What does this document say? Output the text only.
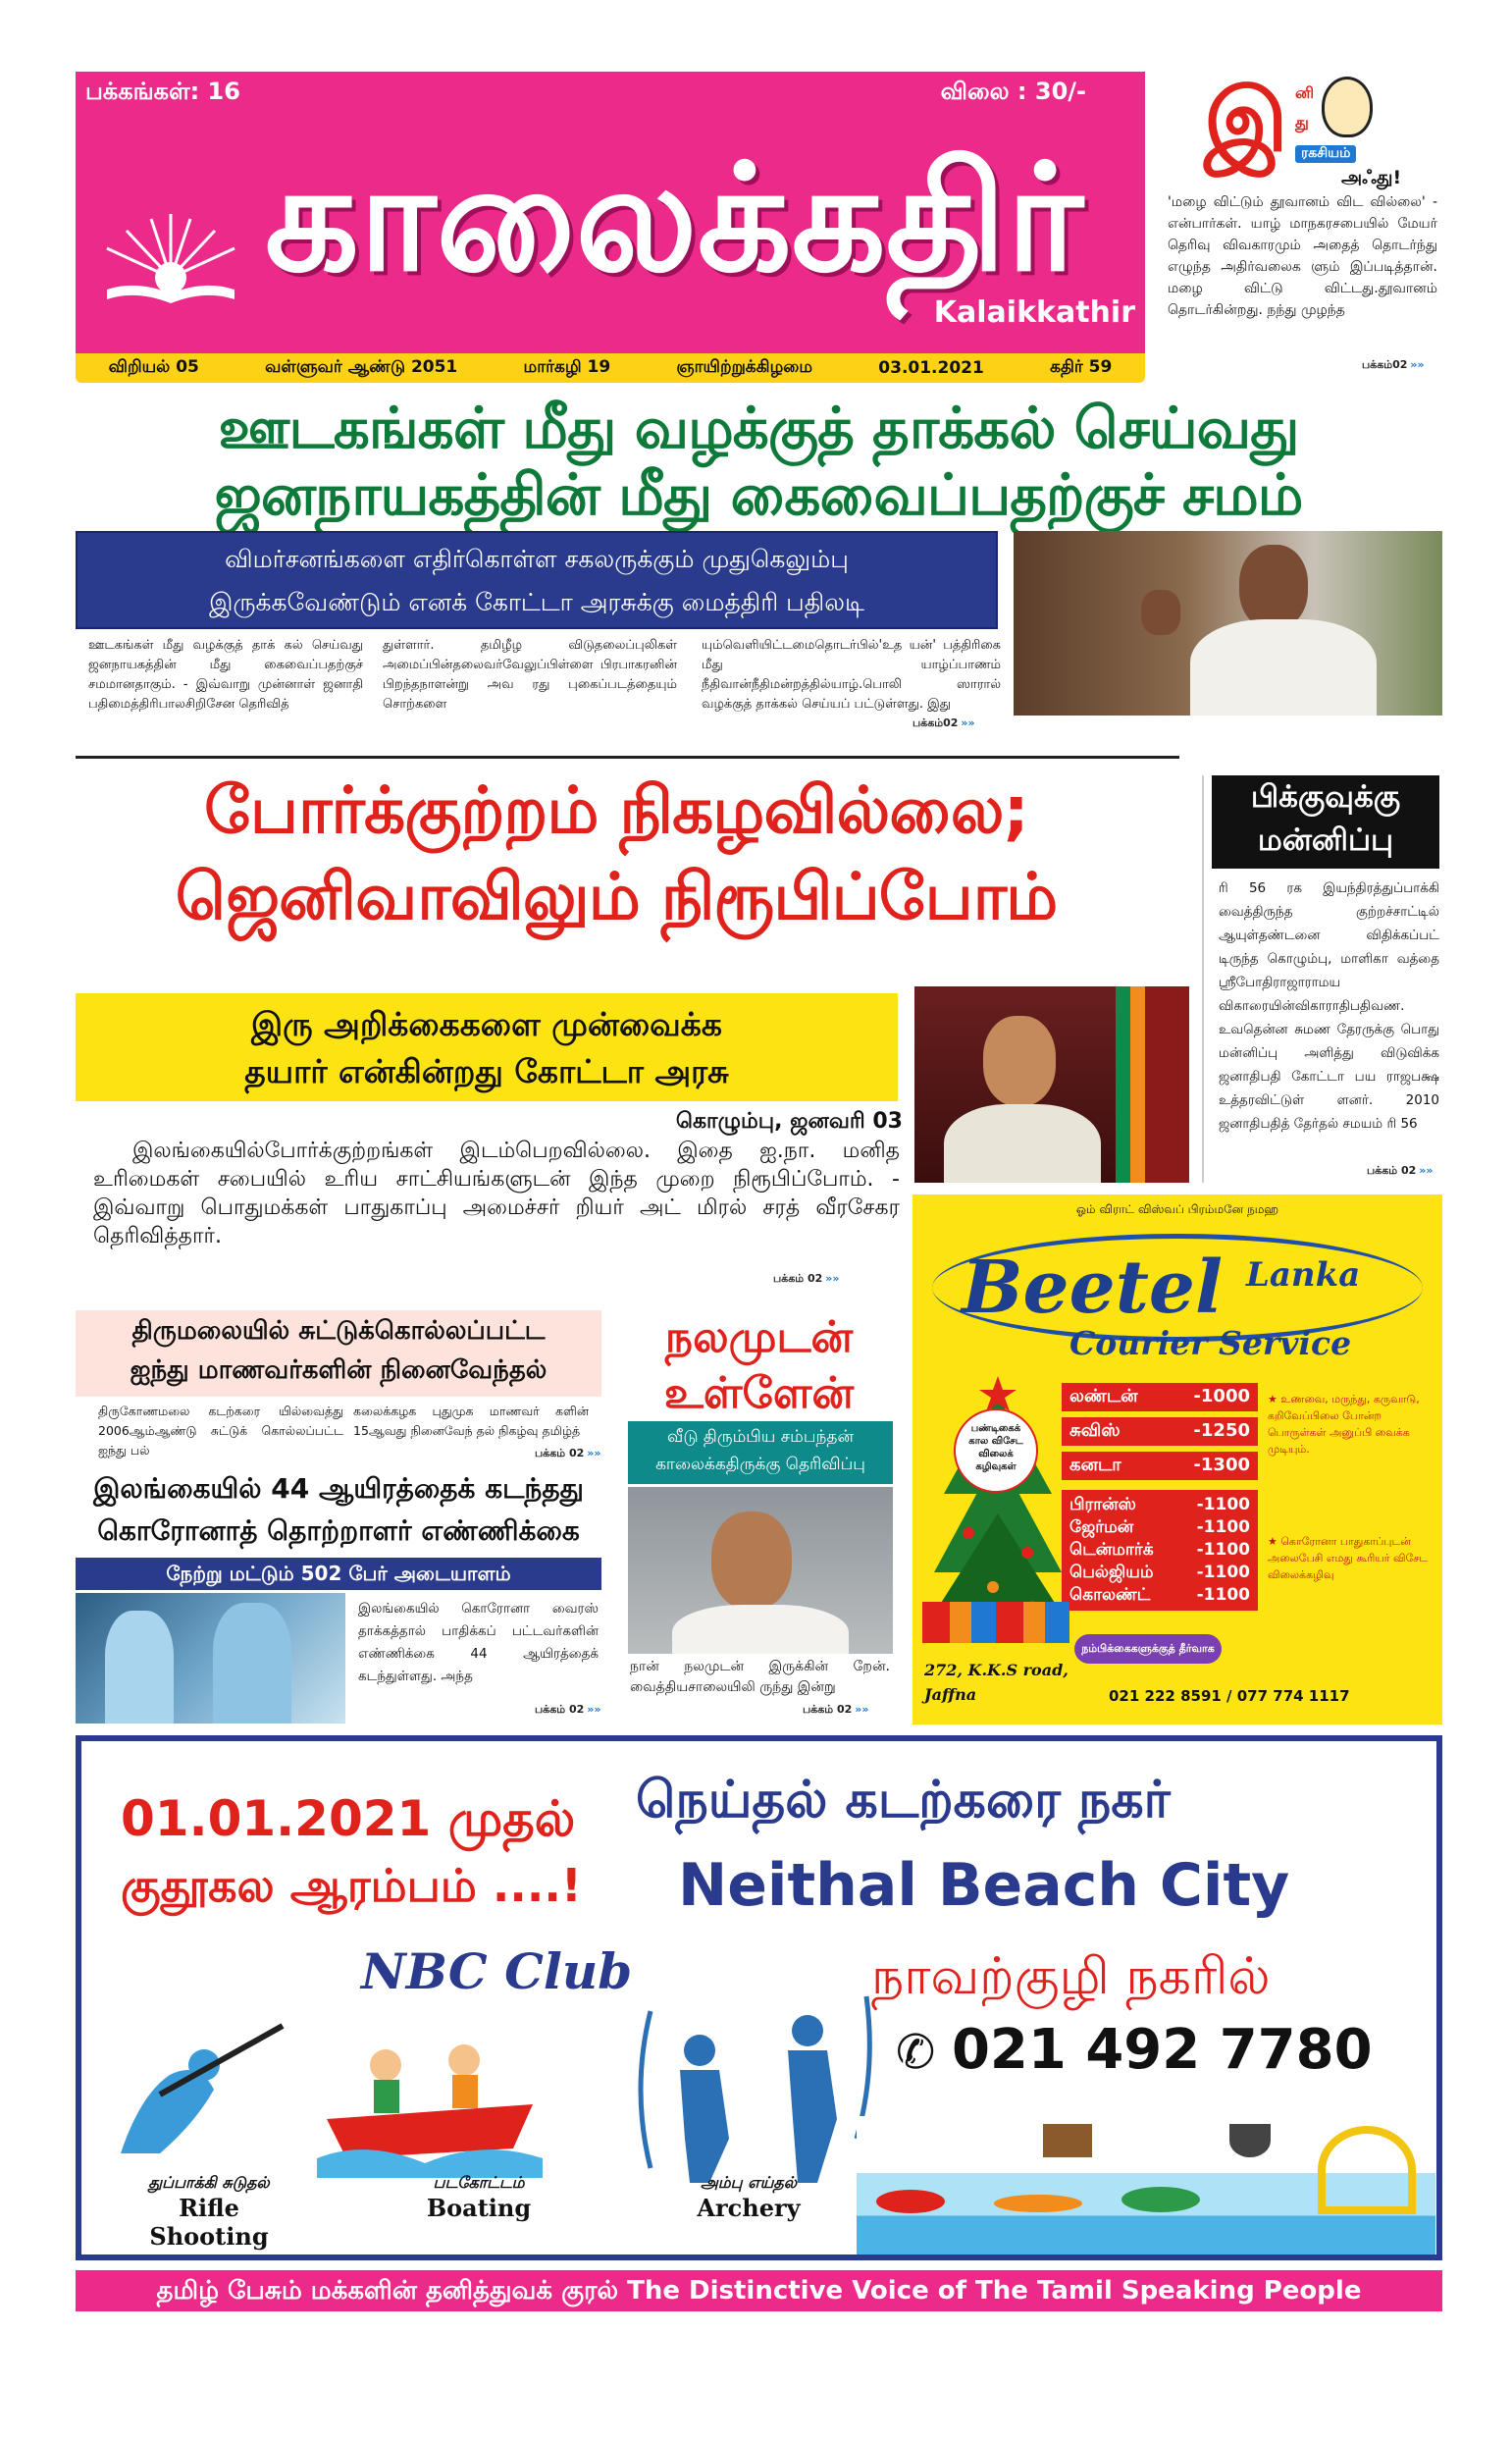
பக்கங்கள்: 16	விலை : 30/-
காலைக்கதிர்
Kalaikkathir
விறியல் 05	வள்ளுவர் ஆண்டு 2051	மார்கழி 19	ஞாயிற்றுக்கிழமை	03.01.2021	கதிர் 59
இ னி
து
ரகசியம்
அஃது!
'மழை விட்டும் தூவானம் விட வில்லை' - என்பார்கள். யாழ் மாநகரசபையில் மேயர் தெரிவு விவகாரமும் அதைத் தொடர்ந்து எழுந்த அதிர்வலைக ளும் இப்படித்தான். மழை விட்டு விட்டது.தூவானம் தொடர்கின்றது. நந்து முழந்த
பக்கம்02 »»
ஊடகங்கள் மீது வழக்குத் தாக்கல் செய்வது
ஜனநாயகத்தின் மீது கைவைப்பதற்குச் சமம்
விமர்சனங்களை எதிர்கொள்ள சகலருக்கும் முதுகெலும்பு
இருக்கவேண்டும் எனக் கோட்டா அரசுக்கு மைத்திரி பதிலடி
ஊடகங்கள் மீது வழக்குத் தாக் கல் செய்வது ஜனநாயகத்தின் மீது கைவைப்பதற்குச் சமமானதாகும். - இவ்வாறு முன்னாள் ஜனாதி பதிமைத்திரிபாலசிறிசேன தெரிவித்
துள்ளார். தமிழீழ விடுதலைப்புலிகள் அமைப்பின்தலைவர்வேலுப்பிள்ளை பிரபாகரனின் பிறந்தநாளன்று அவ ரது புகைப்படத்தையும் சொற்களை
யும்வெளியிட்டமைதொடர்பில்'உத யன்' பத்திரிகை மீது யாழ்ப்பாணம் நீதிவான்நீதிமன்றத்தில்யாழ்.பொலி ஸாரால் வழக்குத் தாக்கல் செய்யப் பட்டுள்ளது. இது
பக்கம்02 »»
போர்க்குற்றம் நிகழவில்லை;
ஜெனிவாவிலும் நிரூபிப்போம்
இரு அறிக்கைகளை முன்வைக்க
தயார் என்கின்றது கோட்டா அரசு
கொழும்பு, ஜனவரி 03
இலங்கையில்போர்க்குற்றங்கள் இடம்பெறவில்லை. இதை ஐ.நா. மனித உரிமைகள் சபையில் உரிய சாட்சியங்களுடன் இந்த முறை நிரூபிப்போம். - இவ்வாறு பொதுமக்கள் பாதுகாப்பு அமைச்சர் றியர் அட் மிரல் சரத் வீரசேகர தெரிவித்தார்.
பக்கம் 02 »»
பிக்குவுக்கு
மன்னிப்பு
ரி 56 ரக இயந்திரத்துப்பாக்கி வைத்திருந்த குற்றச்சாட்டில் ஆயுள்தண்டனை விதிக்கப்பட் டிருந்த கொழும்பு, மாளிகா வத்தை ஸ்ரீபோதிராஜாராமய விகாரையின்விகாராதிபதிவண. உவதென்ன சுமண தேரருக்கு பொது மன்னிப்பு அளித்து விடுவிக்க ஜனாதிபதி கோட்டா பய ராஜபக்ஷ உத்தரவிட்டுள் ளனர். 2010 ஜனாதிபதித் தேர்தல் சமயம் ரி 56
பக்கம் 02 »»
திருமலையில் சுட்டுக்கொல்லப்பட்ட
ஐந்து மாணவர்களின் நினைவேந்தல்
திருகோணமலை கடற்கரை யில்வைத்து 2006ஆம்ஆண்டு சுட்டுக் கொல்லப்பட்ட ஐந்து பல்
கலைக்கழக புதுமுக மாணவர் களின் 15ஆவது நினைவேந் தல் நிகழ்வு தமிழ்த்
பக்கம் 02 »»
இலங்கையில் 44 ஆயிரத்தைக் கடந்தது
கொரோனாத் தொற்றாளர் எண்ணிக்கை
நேற்று மட்டும் 502 பேர் அடையாளம்
இலங்கையில் கொரோனா வைரஸ் தாக்கத்தால் பாதிக்கப் பட்டவர்களின் எண்ணிக்கை 44 ஆயிரத்தைக் கடந்துள்ளது. அந்த
பக்கம் 02 »»
நலமுடன்
உள்ளேன்
வீடு திரும்பிய சம்பந்தன்
காலைக்கதிருக்கு தெரிவிப்பு
நான் நலமுடன் இருக்கின் றேன். வைத்தியசாலையிலி ருந்து இன்று
பக்கம் 02 »»
ஓம் விராட் விஸ்வப் பிரம்மனே நமஹ
Beetel Lanka
Courier Service
பண்டிகைக் கால விசேட விலைக் கழிவுகள்
லண்டன்	-1000
சுவிஸ்	-1250
கனடா	-1300
பிரான்ஸ்	-1100
ஜேர்மன்	-1100
டென்மார்க்	-1100
பெல்ஜியம்	-1100
கொலண்ட்	-1100
★ உணவை, மருந்து, கருவாடு, கறிவேப்பிலை போன்ற பொருள்கள் அனுப்பி வைக்க முடியும்.
★ கொரோனா பாதுகாப்புடன் அலைபேசி எமது கூரியர் விசேட விலைக்கழிவு
நம்பிக்கைகளுக்குத் தீர்வாக
272, K.K.S road,
Jaffna	021 222 8591 / 077 774 1117
01.01.2021 முதல்
குதூகல ஆரம்பம் ....!
நெய்தல் கடற்கரை நகர்
Neithal Beach City
NBC Club	நாவற்குழி நகரில்
✆ 021 492 7780
துப்பாக்கி சுடுதல்
Rifle Shooting
படகோட்டம்
Boating
அம்பு எய்தல்
Archery
தமிழ் பேசும் மக்களின் தனித்துவக் குரல் The Distinctive Voice of The Tamil Speaking People
